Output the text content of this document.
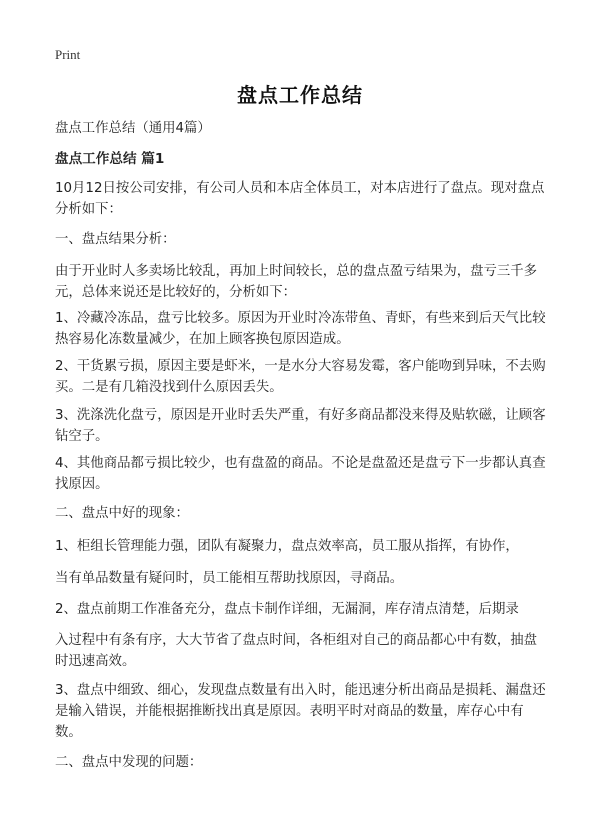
Print
盘点工作总结

盘点工作总结（通用4篇）

盘点工作总结 篇1

10月12日按公司安排，有公司人员和本店全体员工，对本店进行了盘点。现对盘点分析如下：

一、盘点结果分析：

由于开业时人多卖场比较乱，再加上时间较长，总的盘点盈亏结果为，盘亏三千多元，总体来说还是比较好的，分析如下：

1、冷藏冷冻品，盘亏比较多。原因为开业时冷冻带鱼、青虾，有些来到后天气比较热容易化冻数量减少，在加上顾客换包原因造成。

2、干货累亏损，原因主要是虾米，一是水分大容易发霉，客户能吻到异味，不去购买。二是有几箱没找到什么原因丢失。

3、洗涤洗化盘亏，原因是开业时丢失严重，有好多商品都没来得及贴软磁，让顾客钻空子。

4、其他商品都亏损比较少，也有盘盈的商品。不论是盘盈还是盘亏下一步都认真查找原因。

二、盘点中好的现象：

1、柜组长管理能力强，团队有凝聚力，盘点效率高，员工服从指挥，有协作，

当有单品数量有疑问时，员工能相互帮助找原因，寻商品。

2、盘点前期工作准备充分，盘点卡制作详细，无漏洞，库存清点清楚，后期录

入过程中有条有序，大大节省了盘点时间，各柜组对自己的商品都心中有数，抽盘时迅速高效。

3、盘点中细致、细心，发现盘点数量有出入时，能迅速分析出商品是损耗、漏盘还是输入错误，并能根据推断找出真是原因。表明平时对商品的数量，库存心中有数。

二、盘点中发现的问题：
